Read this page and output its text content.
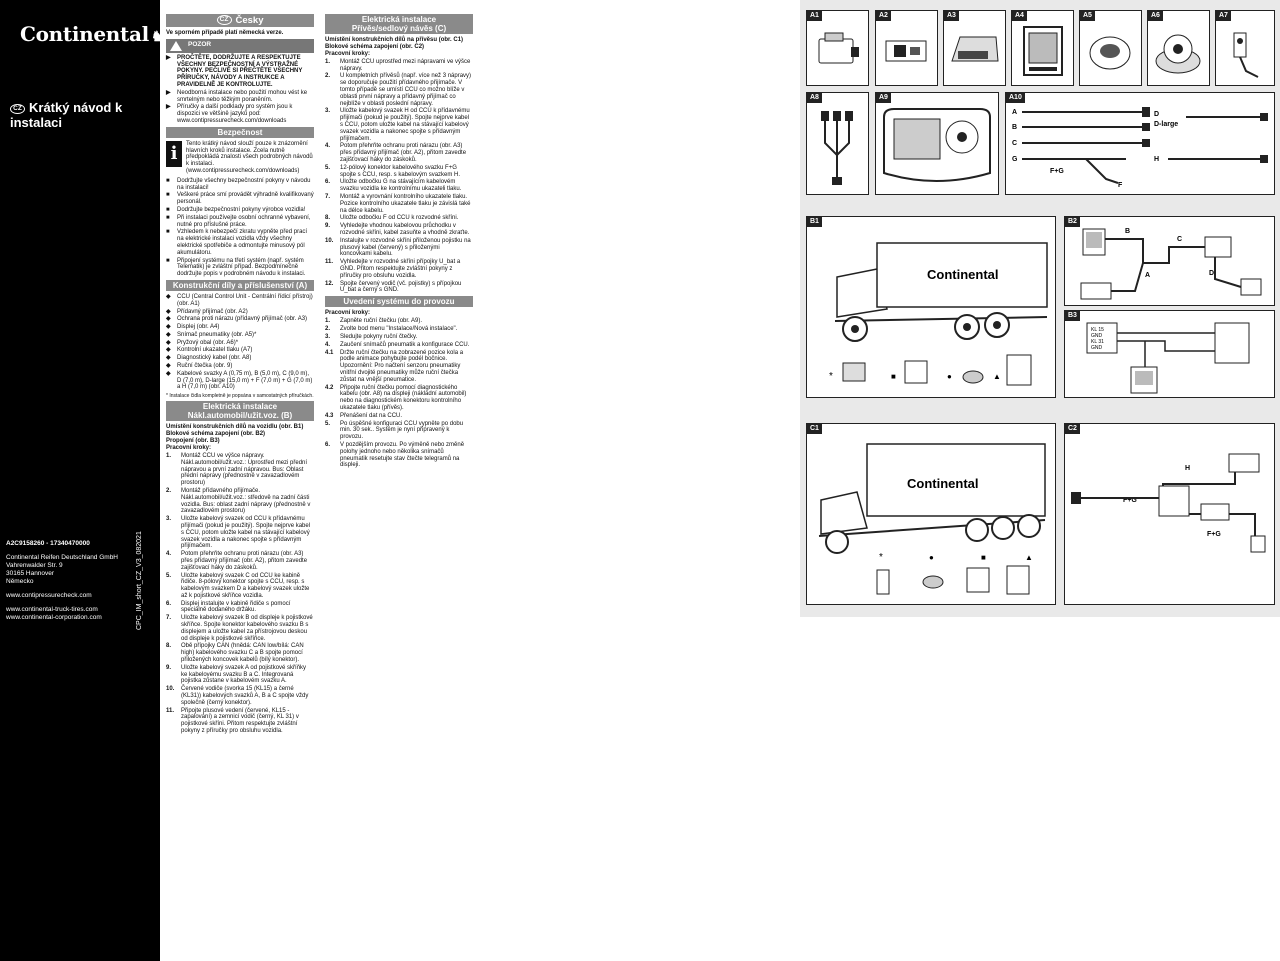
Continental ♞
CZ Krátký návod k instalaci
A2C9158260 - 17340470000
Continental Reifen Deutschland GmbH
Vahrenwalder Str. 9
30165 Hannover
Německo
www.contipressurecheck.com
www.continental-truck-tires.com
www.continental-corporation.com	CPC_IM_short_CZ_V3_082021
CZ Česky
Ve sporném případě platí německá verze.
POZOR
▶	PROČTĚTE, DODRŽUJTE A RESPEKTUJTE VŠECHNY BEZPEČNOSTNÍ A VÝSTRAŽNÉ POKYNY. PEČLIVĚ SI PŘEČTĚTE VŠECHNY PŘÍRUČKY, NÁVODY A INSTRUKCE A PRAVIDELNĚ JE KONTROLUJTE.
▶	Neodborná instalace nebo použití mohou vést ke smrtelným nebo těžkým poraněním.
▶	Příručky a další podklady pro systém jsou k dispozici ve většině jazyků pod: www.contipressurecheck.com/downloads
Bezpečnost
i	Tento krátký návod slouží pouze k znázornění hlavních kroků instalace. Zcela nutně předpokládá znalosti všech podrobných návodů k instalaci. (www.contipressurecheck.com/downloads)
■	Dodržujte všechny bezpečnostní pokyny v návodu na instalaci!
■	Veškeré práce smí provádět výhradně kvalifikovaný personál.
■	Dodržujte bezpečnostní pokyny výrobce vozidla!
■	Při instalaci používejte osobní ochranné vybavení, nutné pro příslušné práce.
■	Vzhledem k nebezpečí zkratu vypněte před prací na elektrické instalaci vozidla vždy všechny elektrické spotřebiče a odmontujte minusový pól akumulátoru.
■	Připojení systému na třetí systém (např. systém Telematik) je zvláštní případ. Bezpodmínečně dodržujte popis v podrobném návodu k instalaci.
Konstrukční díly a příslušenství (A)
◆	CCU (Central Control Unit - Centrální řídicí přístroj) (obr. A1)
◆	Přídavný přijímač (obr. A2)
◆	Ochrana proti nárazu (přídavný přijímač (obr. A3)
◆	Displej (obr. A4)
◆	Snímač pneumatiky (obr. A5)*
◆	Pryžový obal (obr. A6)*
◆	Kontrolní ukazatel tlaku (A7)
◆	Diagnostický kabel (obr. A8)
◆	Ruční čtečka (obr. 9)
◆	Kabelové svazky A (0,75 m), B (5,0 m), C (9,0 m), D (7,0 m), D-large (15,0 m) + F (7,0 m) + G (7,0 m) a H (7,0 m) (obr. A10)
* Instalace čidla kompletně je popsána v samostatných příručkách.
Elektrická instalace
Nákl.automobil/užit.voz. (B)
Umístění konstrukčních dílů na vozidlu (obr. B1)
Blokové schéma zapojení (obr. B2)
Propojení (obr. B3)
Pracovní kroky:
1.	Montáž CCU ve výšce nápravy. Nákl.automobil/užit.voz.: Uprostřed mezi přední nápravou a první zadní nápravou. Bus: Oblast přední nápravy (přednostně v zavazadlovém prostoru)
2.	Montáž přídavného přijímače. Nákl.automobil/užit.voz.: středově na zadní části vozidla. Bus: oblast zadní nápravy (přednostně v zavazadlovém prostoru)
3.	Uložte kabelový svazek od CCU k přídavnému přijímači (pokud je použitý). Spojte nejprve kabel s CCU, potom uložte kabel na stávající kabelový svazek vozidla a nakonec spojte s přídavným přijímačem.
4.	Potom přehrňte ochranu proti nárazu (obr. A3) přes přídavný přijímač (obr. A2), přitom zavedte zajišťovací háky do záskoků.
5.	Uložte kabelový svazek C od CCU ke kabině řidiče. 8-pólový konektor spojte s CCU, resp. s kabelovým svazkem D a kabelový svazek uložte až k pojistkové skříňce vozidla.
6.	Displej instalujte v kabině řidiče s pomocí speciálně dodaného držáku.
7.	Uložte kabelový svazek B od displeje k pojistkové skříňce. Spojte konektor kabelového svazku B s displejem a uložte kabel za přístrojovou deskou od displeje k pojistkové skříňce.
8.	Obě přípojky CAN (hnědá: CAN low/bílá: CAN high) kabelového svazku C a B spojte pomocí přiložených koncovek kabelů (bílý konektor).
9.	Uložte kabelový svazek A od pojistkové skříňky ke kabelovému svazku B a C. Integrovaná pojistka zůstane v kabelovém svazku A.
10.	Červené vodiče (svorka 15 (KL15) a černé (KL31)) kabelových svazků A, B a C spojte vždy společně (černý konektor).
11.	Připojte plusové vedení (červené, KL15 - zapalování) a zemnicí vodič (černý, KL 31) v pojistkové skříni. Přitom respektujte zvláštní pokyny z příručky pro obsluhu vozidla.
Elektrická instalace
Přívěs/sedlový návěs (C)
Umístění konstrukčních dílů na přívěsu (obr. C1)
Blokové schéma zapojení (obr. C2)
Pracovní kroky:
1.	Montáž CCU uprostřed mezi nápravami ve výšce nápravy.
2.	U kompletních přívěsů (např. více než 3 nápravy) se doporučuje použití přídavného přijímače. V tomto případě se umístí CCU co možno blíže v oblasti první nápravy a přídavný přijímač co nejblíže v oblasti poslední nápravy.
3.	Uložte kabelový svazek H od CCU k přídavnému přijímači (pokud je použitý). Spojte nejprve kabel s CCU, potom uložte kabel na stávající kabelový svazek vozidla a nakonec spojte s přídavným přijímačem.
4.	Potom přehrňte ochranu proti nárazu (obr. A3) přes přídavný přijímač (obr. A2), přitom zavedte zajišťovací háky do záskoků.
5.	12-pólový konektor kabelového svazku F+G spojte s CCU, resp. s kabelovým svazkem H.
6.	Uložte odbočku G na stávajícím kabelovém svazku vozidla ke kontrolnímu ukazateli tlaku.
7.	Montáž a vyrovnání kontrolního ukazatele tlaku. Pozice kontrolního ukazatele tlaku je závislá také na délce kabelu.
8.	Uložte odbočku F od CCU k rozvodné skříni.
9.	Vyhledejte vhodnou kabelovou průchodku v rozvodné skříni, kabel zasuňte a vhodně zkraťte.
10.	Instalujte v rozvodné skříni přiloženou pojistku na plusový kabel (červený) s přiloženými koncovkami kabelu.
11.	Vyhledejte v rozvodné skříni přípojky U_bat a GND. Přitom respektujte zvláštní pokyny z příručky pro obsluhu vozidla.
12.	Spojte červený vodič (vč. pojistky) s přípojkou U_bat a černý s GND.
Uvedení systému do provozu
Pracovní kroky:
1.	Zapněte ruční čtečku (obr. A9).
2.	Zvolte bod menu "Instalace/Nová instalace".
3.	Sledujte pokyny ruční čtečky.
4.	Zaučení snímačů pneumatik a konfigurace CCU.
4.1	Držte ruční čtečku na zobrazené pozice kola a podle animace pohybujte podél bočnice. Upozornění: Pro načtení senzoru pneumatiky vnitřní dvojité pneumatiky může ruční čtečka zůstat na vnější pneumatice.
4.2	Připojte ruční čtečku pomocí diagnostického kabelu (obr. A8) na displeji (nákladní automobil) nebo na diagnostickém konektoru kontrolního ukazatele tlaku (přívěs).
4.3	Přenášení dat na CCU.
5.	Po úspěšné konfiguraci CCU vypněte po dobu min. 30 sek.. Systém je nyní připravený k provozu.
6.	V pozdějším provozu. Po výměně nebo změně polohy jednoho nebo několika snímačů pneumatik resetujte stav čtečte telegramů na displeji.
A1	A2	A3	A4	A5	A6	A7
A8	A9	A10
A
B
C
G
F+G
F
D
D-large
H
B1
Continental
*	■	●	▲
B2
B
C
A	D
B3
KL 15
GND
KL 31
GND
C1
Continental
*	●	■	▲
C2
H
F+G
F+G
